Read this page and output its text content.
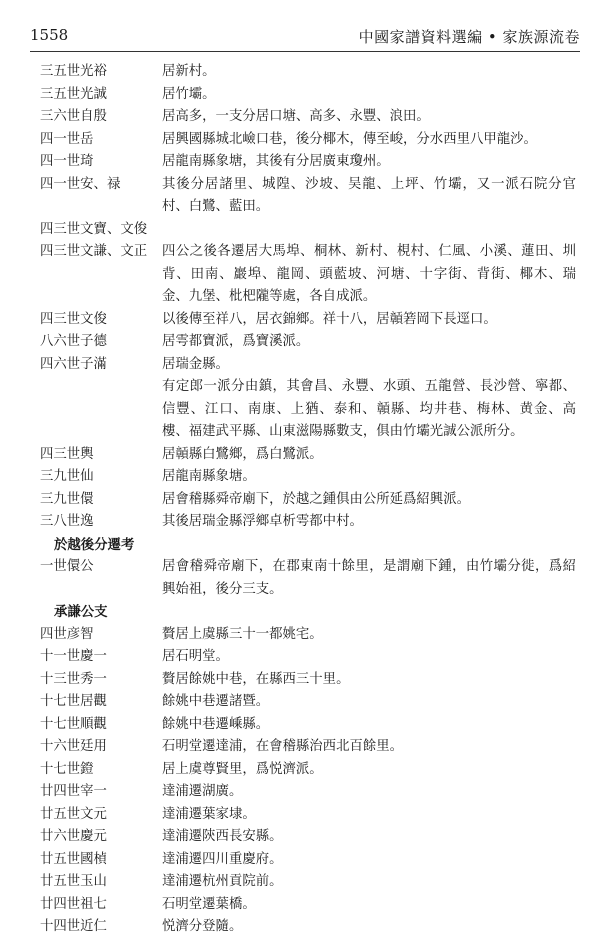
1558	中國家譜資料選編 • 家族源流卷
三五世光裕	居新村。
三五世光誠	居竹壩。
三六世自殷	居高多，一支分居口塘、高多、永豐、浪田。
四一世岳	居興國縣城北嶮口巷，後分椰木，傳至峻，分水西里八甲龍沙。
四一世琦	居龍南縣象塘，其後有分居廣東瓊州。
四一世安、禄	其後分居諸里、城隍、沙坡、吴龍、上坪、竹壩，又一派石院分官村、白鷺、藍田。
四三世文寶、文俊

四三世文謙、文正 四公之後各遷居大馬埠、桐林、新村、梘村、仁風、小溪、蓮田、圳背、田南、巖埠、龍岡、頭藍坡、河塘、十字街、背街、椰木、瑞金、九堡、枇杷隴等處，各自成派。
四三世文俊	以後傳至祥八，居衣錦鄉。祥十八，居贑箬岡下長逕口。
八六世子德	居雩都寶派，爲寶溪派。
四六世子滿	居瑞金縣。
有定郎一派分由鎮，其會昌、永豐、水頭、五龍營、長沙營、寧都、信豐、江口、南康、上猶、泰和、贑縣、均井巷、梅林、黄金、高樓、福建武平縣、山東滋陽縣數支，俱由竹壩光誠公派所分。
四三世輿	居贑縣白鷺鄉，爲白鷺派。
三九世仙	居龍南縣象塘。
三九世儇	居會稽縣舜帝廟下，於越之鍾俱由公所延爲紹興派。
三八世逸	其後居瑞金縣浮鄉卓析雩都中村。
於越後分遷考
一世儇公	居會稽舜帝廟下，在郡東南十餘里，是謂廟下鍾，由竹壩分徙，爲紹興始祖，後分三支。
承謙公支
四世彦智	贅居上虞縣三十一都姚宅。
十一世慶一	居石明堂。
十三世秀一	贅居餘姚中巷，在縣西三十里。
十七世居觀	餘姚中巷遷諸暨。
十七世順觀	餘姚中巷遷嵊縣。
十六世廷用	石明堂遷達浦，在會稽縣治西北百餘里。
十七世鐙	居上虞尊賢里，爲悦濟派。
廿四世宰一	達浦遷湖廣。
廿五世文元	達浦遷葉家埭。
廿六世慶元	達浦遷陝西長安縣。
廿五世國楨	達浦遷四川重慶府。
廿五世玉山	達浦遷杭州貢院前。
廿四世祖七	石明堂遷葉橋。
十四世近仁	悦濟分登隨。
